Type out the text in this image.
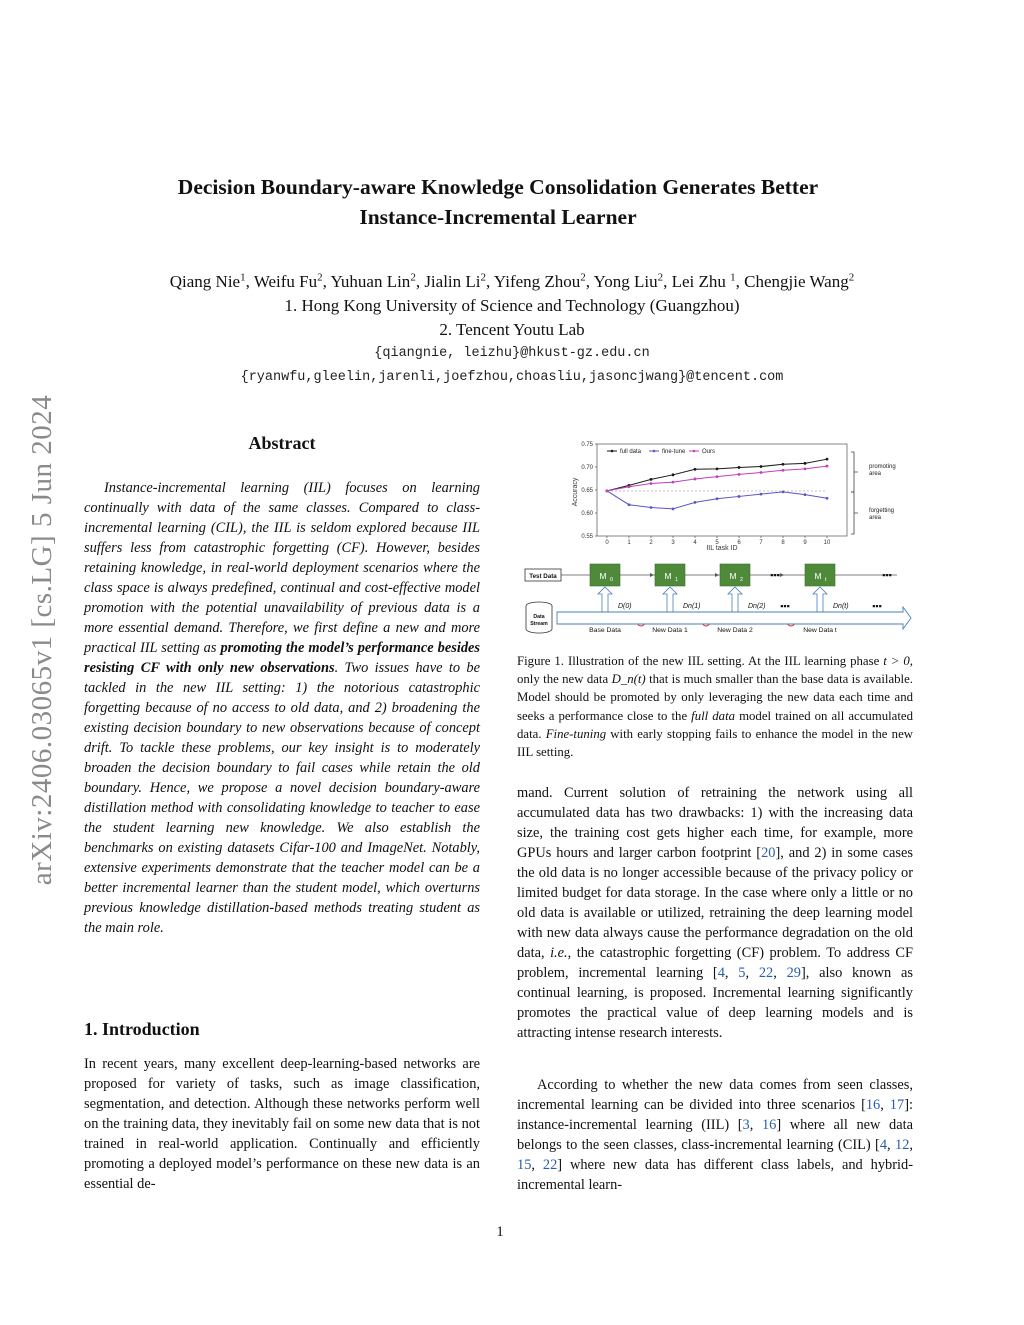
arXiv:2406.03065v1 [cs.LG] 5 Jun 2024
Decision Boundary-aware Knowledge Consolidation Generates Better
Instance-Incremental Learner
Qiang Nie$^1$, Weifu Fu$^2$, Yuhuan Lin$^2$, Jialin Li$^2$, Yifeng Zhou$^2$, Yong Liu$^2$, Lei Zhu $^1$, Chengjie Wang$^2$
1. Hong Kong University of Science and Technology (Guangzhou)
2. Tencent Youtu Lab
{qiangnie, leizhu}@hkust-gz.edu.cn
{ryanwfu,gleelin,jarenli,joefzhou,choasliu,jasoncjwang}@tencent.com
Abstract
Instance-incremental learning (IIL) focuses on learning continually with data of the same classes. Compared to class-incremental learning (CIL), the IIL is seldom explored because IIL suffers less from catastrophic forgetting (CF). However, besides retaining knowledge, in real-world deployment scenarios where the class space is always predefined, continual and cost-effective model promotion with the potential unavailability of previous data is a more essential demand. Therefore, we first define a new and more practical IIL setting as promoting the model’s performance besides resisting CF with only new observations. Two issues have to be tackled in the new IIL setting: 1) the notorious catastrophic forgetting because of no access to old data, and 2) broadening the existing decision boundary to new observations because of concept drift. To tackle these problems, our key insight is to moderately broaden the decision boundary to fail cases while retain the old boundary. Hence, we propose a novel decision boundary-aware distillation method with consolidating knowledge to teacher to ease the student learning new knowledge. We also establish the benchmarks on existing datasets Cifar-100 and ImageNet. Notably, extensive experiments demonstrate that the teacher model can be a better incremental learner than the student model, which overturns previous knowledge distillation-based methods treating student as the main role.
1. Introduction
In recent years, many excellent deep-learning-based networks are proposed for variety of tasks, such as image classification, segmentation, and detection. Although these networks perform well on the training data, they inevitably fail on some new data that is not trained in real-world application. Continually and efficiently promoting a deployed model’s performance on these new data is an essential de-
0.55
0.60
0.65
0.70
0.75
0	1	2	3	4	5	6	7	8	9	10
Accuracy
IIL task ID
full data	fine-tune	Ours
promoting
area
forgetting
area
Test Data	M 0
D(0)
M 1
Dn(1)
M 2
Dn(2)
M t
Dn(t)
▪▪▪	▪▪▪
▪▪▪	▪▪▪
Data
Stream
Base Data	New Data 1	New Data 2	New Data t
Figure 1. Illustration of the new IIL setting. At the IIL learning phase t > 0, only the new data D_n(t) that is much smaller than the base data is available. Model should be promoted by only leveraging the new data each time and seeks a performance close to the full data model trained on all accumulated data. Fine-tuning with early stopping fails to enhance the model in the new IIL setting.
mand. Current solution of retraining the network using all accumulated data has two drawbacks: 1) with the increasing data size, the training cost gets higher each time, for example, more GPUs hours and larger carbon footprint [20], and 2) in some cases the old data is no longer accessible because of the privacy policy or limited budget for data storage. In the case where only a little or no old data is available or utilized, retraining the deep learning model with new data always cause the performance degradation on the old data, i.e., the catastrophic forgetting (CF) problem. To address CF problem, incremental learning [4, 5, 22, 29], also known as continual learning, is proposed. Incremental learning significantly promotes the practical value of deep learning models and is attracting intense research interests.
According to whether the new data comes from seen classes, incremental learning can be divided into three scenarios [16, 17]: instance-incremental learning (IIL) [3, 16] where all new data belongs to the seen classes, class-incremental learning (CIL) [4, 12, 15, 22] where new data has different class labels, and hybrid-incremental learn-
1
